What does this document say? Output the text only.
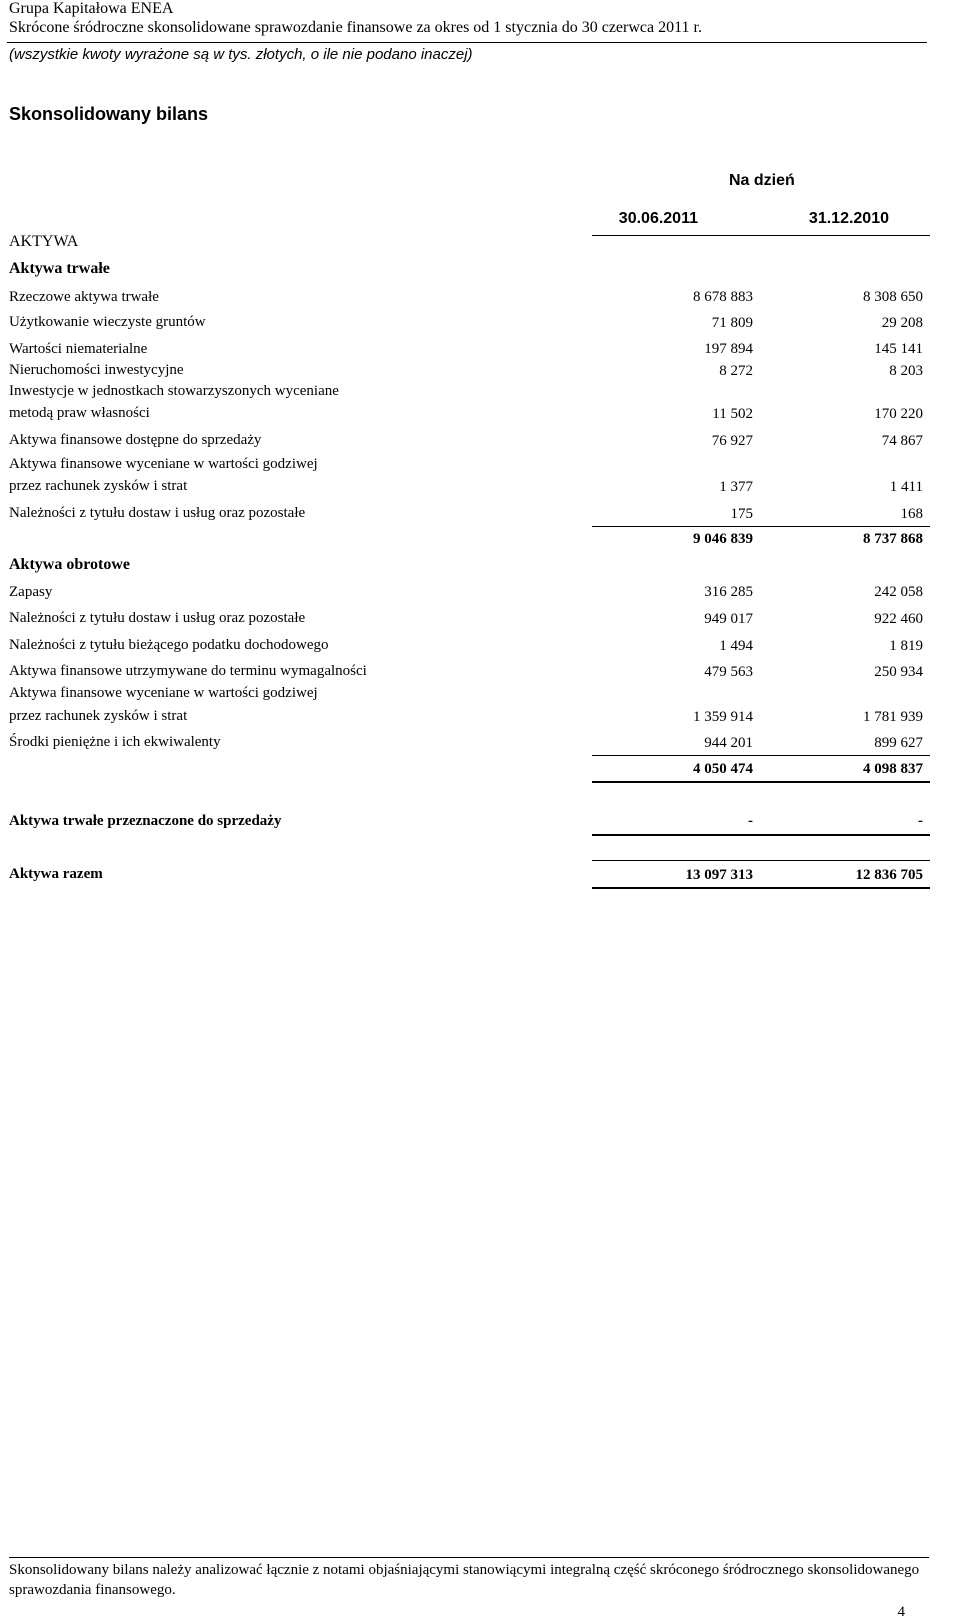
Grupa Kapitałowa ENEA
Skrócone śródroczne skonsolidowane sprawozdanie finansowe za okres od 1 stycznia do 30 czerwca 2011 r.
(wszystkie kwoty wyrażone są w tys. złotych, o ile nie podano inaczej)
Skonsolidowany bilans
Na dzień
30.06.2011	31.12.2010
AKTYWA
Aktywa trwałe
Rzeczowe aktywa trwałe	8 678 883	8 308 650
Użytkowanie wieczyste gruntów	71 809	29 208
Wartości niematerialne	197 894	145 141
Nieruchomości inwestycyjne	8 272	8 203
Inwestycje w jednostkach stowarzyszonych wyceniane
metodą praw własności	11 502	170 220
Aktywa finansowe dostępne do sprzedaży	76 927	74 867
Aktywa finansowe wyceniane w wartości godziwej
przez rachunek zysków i strat	1 377	1 411
Należności z tytułu dostaw i usług oraz pozostałe	175	168
9 046 839	8 737 868
Aktywa obrotowe
Zapasy	316 285	242 058
Należności z tytułu dostaw i usług oraz pozostałe	949 017	922 460
Należności z tytułu bieżącego podatku dochodowego	1 494	1 819
Aktywa finansowe utrzymywane do terminu wymagalności	479 563	250 934
Aktywa finansowe wyceniane w wartości godziwej
przez rachunek zysków i strat	1 359 914	1 781 939
Środki pieniężne i ich ekwiwalenty	944 201	899 627
4 050 474	4 098 837
Aktywa trwałe przeznaczone do sprzedaży	-	-
Aktywa razem	13 097 313	12 836 705
Skonsolidowany bilans należy analizować łącznie z notami objaśniającymi stanowiącymi integralną część skróconego śródrocznego skonsolidowanego sprawozdania finansowego.
4
